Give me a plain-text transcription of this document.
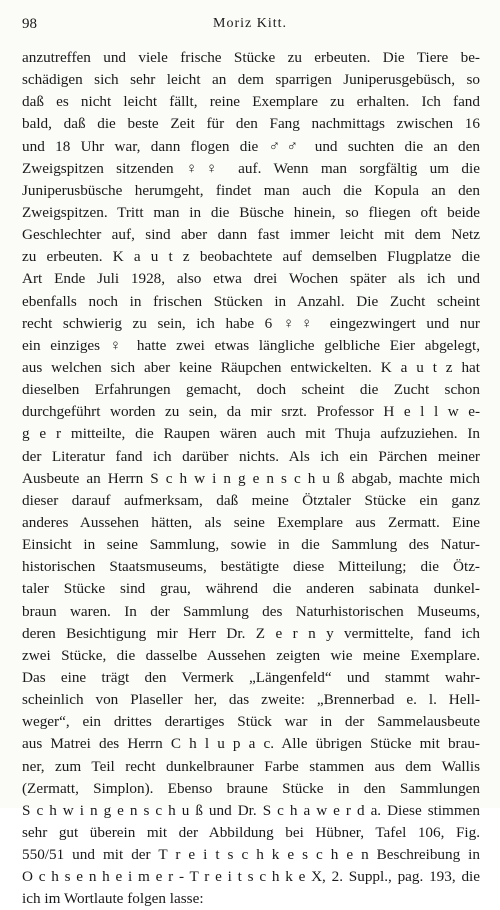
98	Moriz Kitt.
anzutreffen und viele frische Stücke zu erbeuten. Die Tiere be-
schädigen sich sehr leicht an dem sparrigen Juniperusgebüsch, so
daß es nicht leicht fällt, reine Exemplare zu erhalten. Ich fand
bald, daß die beste Zeit für den Fang nachmittags zwischen 16
und 18 Uhr war, dann flogen die ♂♂ und suchten die an den
Zweigspitzen sitzenden ♀♀ auf. Wenn man sorgfältig um die
Juniperusbüsche herumgeht, findet man auch die Kopula an den
Zweigspitzen. Tritt man in die Büsche hinein, so fliegen oft beide
Geschlechter auf, sind aber dann fast immer leicht mit dem Netz
zu erbeuten. K a u t z beobachtete auf demselben Flugplatze die
Art Ende Juli 1928, also etwa drei Wochen später als ich und
ebenfalls noch in frischen Stücken in Anzahl. Die Zucht scheint
recht schwierig zu sein, ich habe 6 ♀♀ eingezwingert und nur
ein einziges ♀ hatte zwei etwas längliche gelbliche Eier abgelegt,
aus welchen sich aber keine Räupchen entwickelten. K a u t z hat
dieselben Erfahrungen gemacht, doch scheint die Zucht schon
durchgeführt worden zu sein, da mir srzt. Professor H e l l w e-
g e r mitteilte, die Raupen wären auch mit Thuja aufzuziehen. In
der Literatur fand ich darüber nichts. Als ich ein Pärchen meiner
Ausbeute an Herrn S c h w i n g e n s c h u ß abgab, machte mich
dieser darauf aufmerksam, daß meine Ötztaler Stücke ein ganz
anderes Aussehen hätten, als seine Exemplare aus Zermatt. Eine
Einsicht in seine Sammlung, sowie in die Sammlung des Natur-
historischen Staatsmuseums, bestätigte diese Mitteilung; die Ötz-
taler Stücke sind grau, während die anderen sabinata dunkel-
braun waren. In der Sammlung des Naturhistorischen Museums,
deren Besichtigung mir Herr Dr. Z e r n y vermittelte, fand ich
zwei Stücke, die dasselbe Aussehen zeigten wie meine Exemplare.
Das eine trägt den Vermerk „Längenfeld“ und stammt wahr-
scheinlich von Plaseller her, das zweite: „Brennerbad e. l. Hell-
weger“, ein drittes derartiges Stück war in der Sammelausbeute
aus Matrei des Herrn C h l u p a c. Alle übrigen Stücke mit brau-
ner, zum Teil recht dunkelbrauner Farbe stammen aus dem Wallis
(Zermatt, Simplon). Ebenso braune Stücke in den Sammlungen
S c h w i n g e n s c h u ß und Dr. S c h a w e r d a. Diese stimmen
sehr gut überein mit der Abbildung bei Hübner, Tafel 106, Fig.
550/51 und mit der T r e i t s c h k e s c h e n Beschreibung in
O c h s e n h e i m e r - T r e i t s c h k e X, 2. Suppl., pag. 193, die
ich im Wortlaute folgen lasse:
